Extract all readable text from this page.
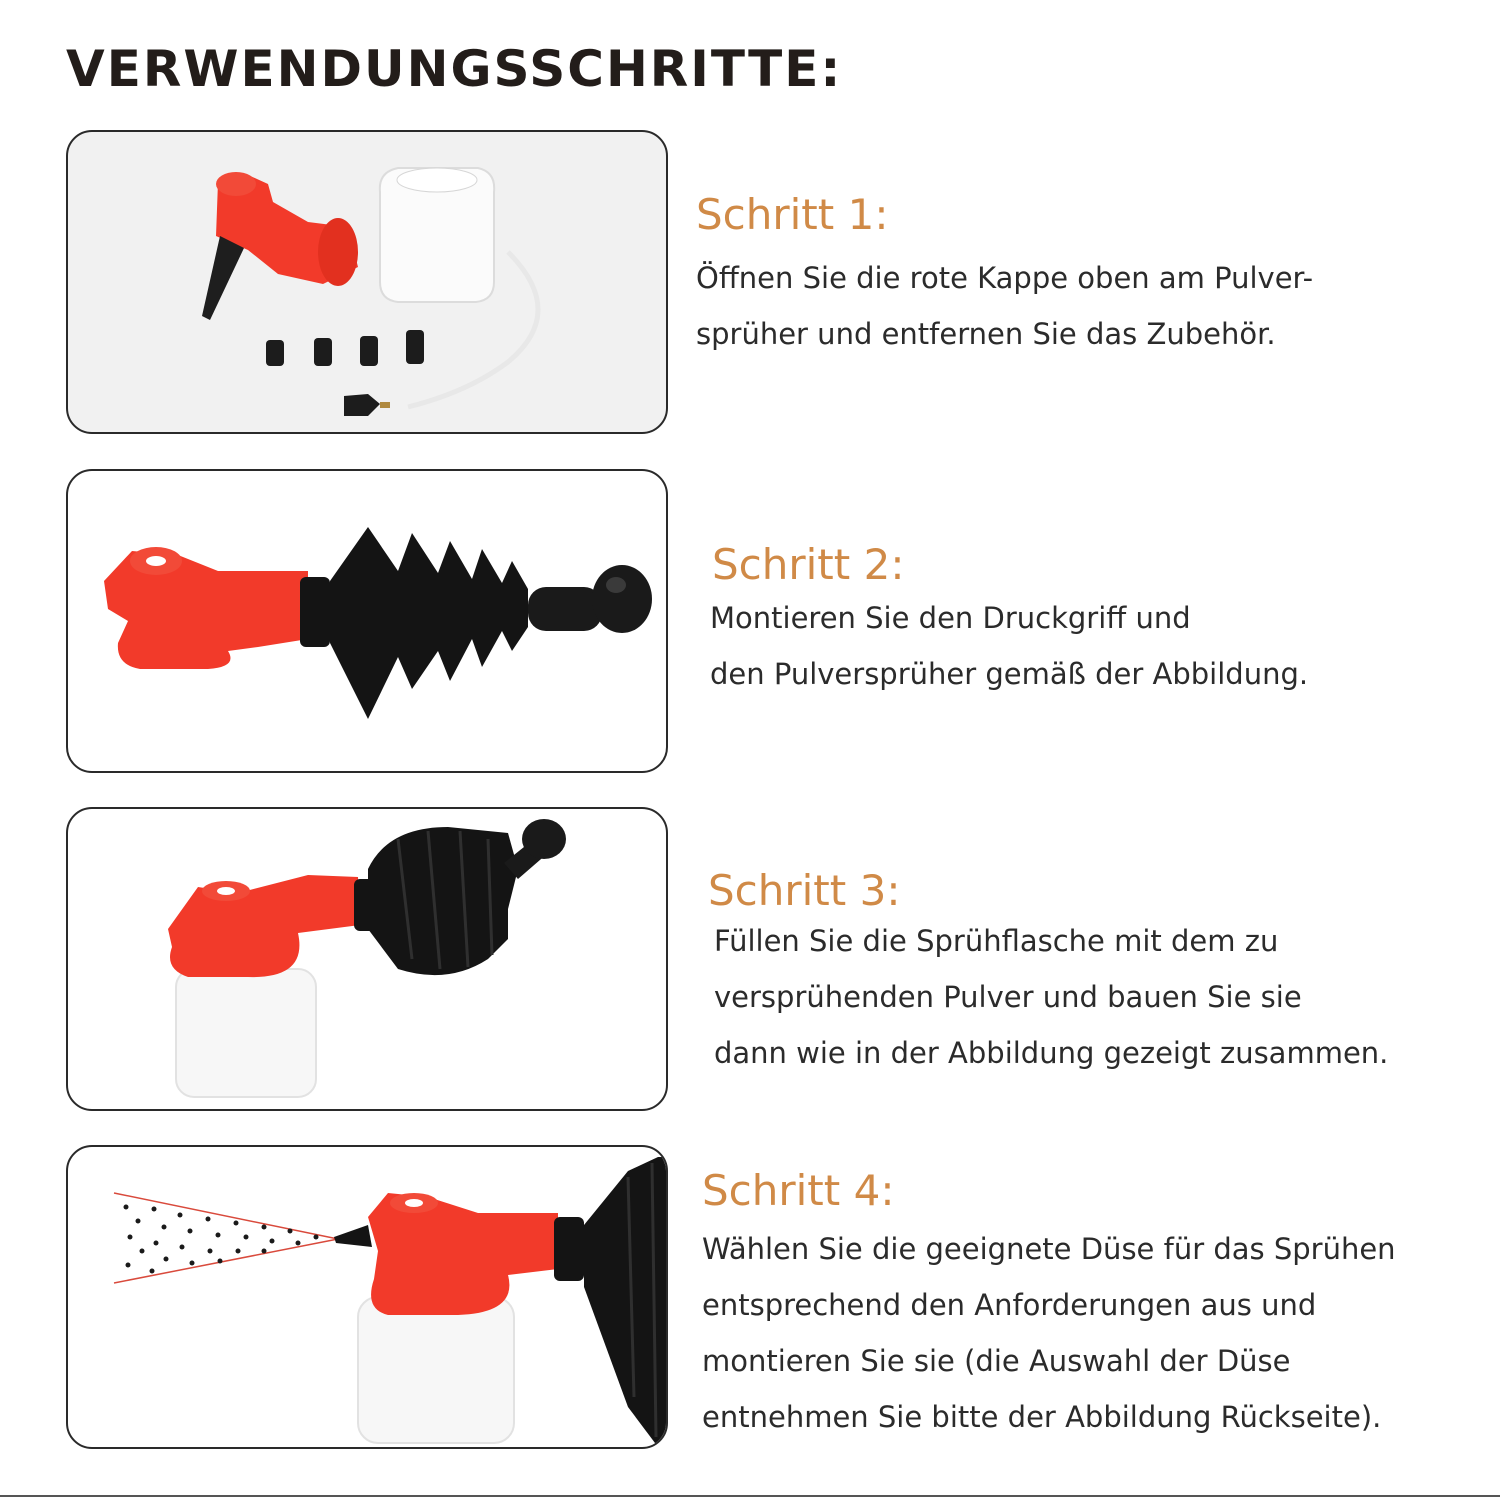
VERWENDUNGSSCHRITTE:
Schritt 1:
Öffnen Sie die rote Kappe oben am Pulver-
sprüher und entfernen Sie das Zubehör.
Schritt 2:
Montieren Sie den Druckgriff und
den Pulversprüher gemäß der Abbildung.
Schritt 3:
Füllen Sie die Sprühflasche mit dem zu
versprühenden Pulver und bauen Sie sie
dann wie in der Abbildung gezeigt zusammen.
Schritt 4:
Wählen Sie die geeignete Düse für das Sprühen
entsprechend den Anforderungen aus und
montieren Sie sie (die Auswahl der Düse
entnehmen Sie bitte der Abbildung Rückseite).
